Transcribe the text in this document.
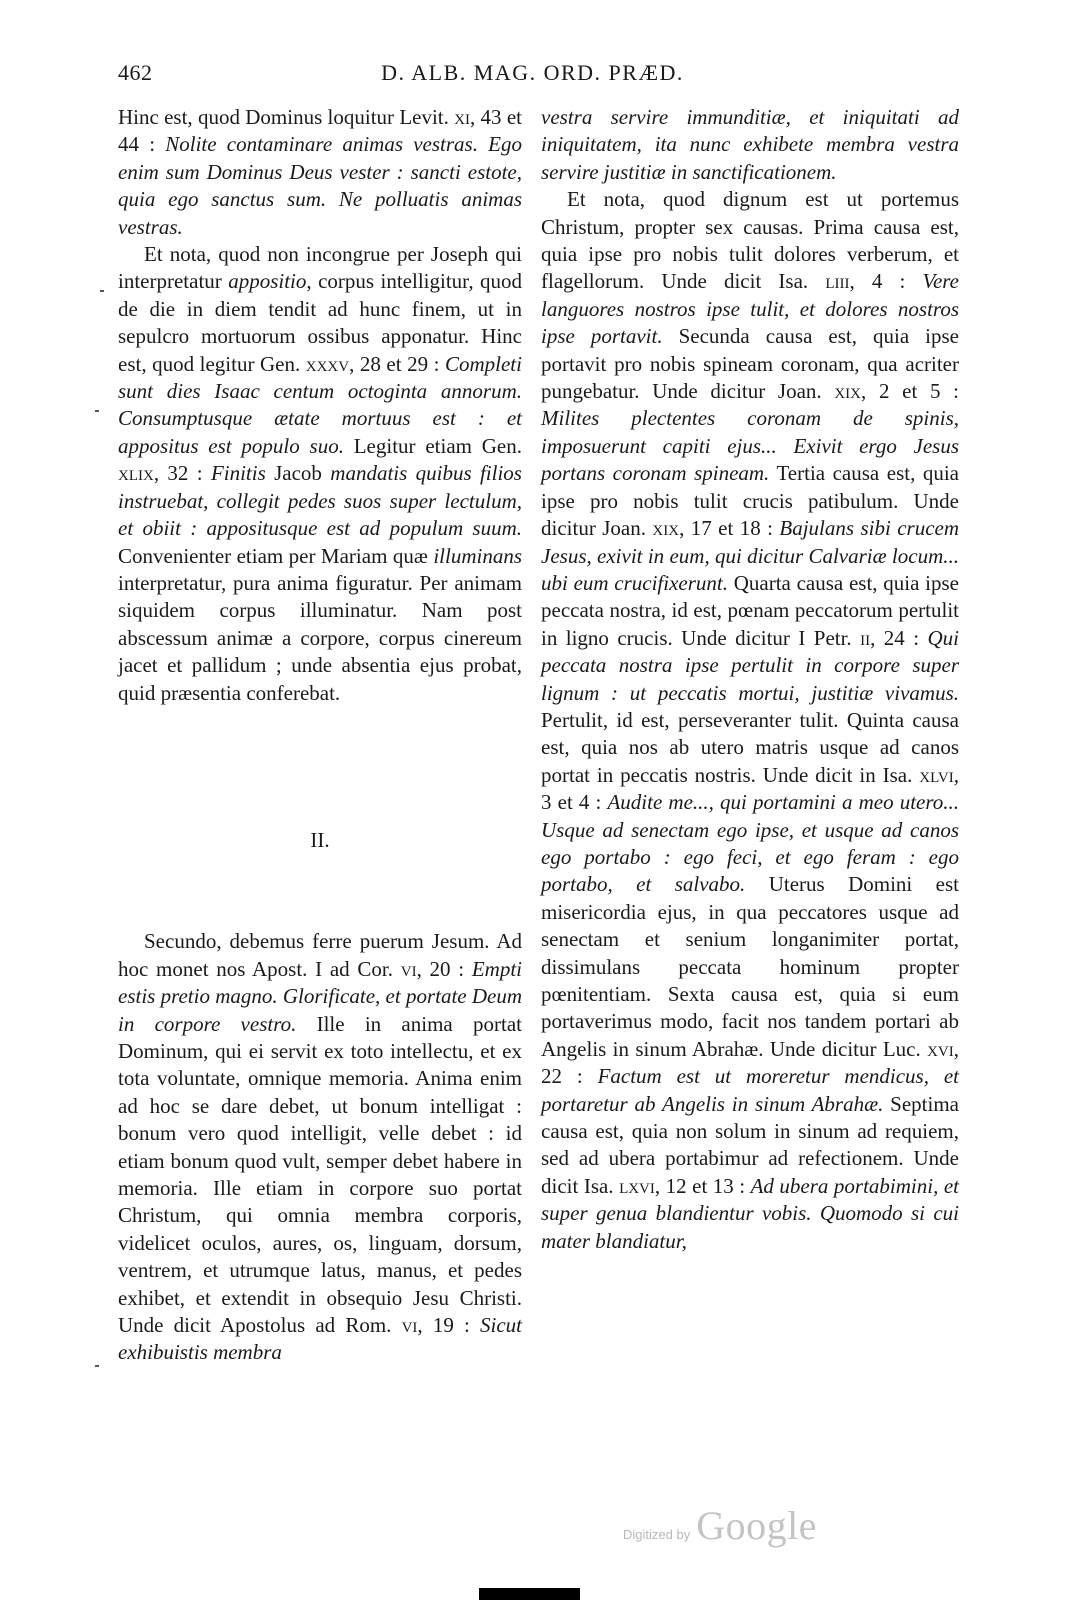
462	D. ALB. MAG. ORD. PRÆD.

Hinc est, quod Dominus loquitur Levit. xi, 43 et 44 : Nolite contaminare animas vestras. Ego enim sum Dominus Deus vester : sancti estote, quia ego sanctus sum. Ne polluatis animas vestras.

Et nota, quod non incongrue per Joseph qui interpretatur appositio, corpus intelligitur, quod de die in diem tendit ad hunc finem, ut in sepulcro mortuorum ossibus apponatur. Hinc est, quod legitur Gen. xxxv, 28 et 29 : Completi sunt dies Isaac centum octoginta annorum. Consumptusque ætate mortuus est : et appositus est populo suo. Legitur etiam Gen. xlix, 32 : Finitis Jacob mandatis quibus filios instruebat, collegit pedes suos super lectulum, et obiit : appositusque est ad populum suum. Convenienter etiam per Mariam quæ illuminans interpretatur, pura anima figuratur. Per animam siquidem corpus illuminatur. Nam post abscessum animæ a corpore, corpus cinereum jacet et pallidum ; unde absentia ejus probat, quid præsentia conferebat.

II.

Secundo, debemus ferre puerum Jesum. Ad hoc monet nos Apost. I ad Cor. vi, 20 : Empti estis pretio magno. Glorificate, et portate Deum in corpore vestro. Ille in anima portat Dominum, qui ei servit ex toto intellectu, et ex tota voluntate, omnique memoria. Anima enim ad hoc se dare debet, ut bonum intelligat : bonum vero quod intelligit, velle debet : id etiam bonum quod vult, semper debet habere in memoria. Ille etiam in corpore suo portat Christum, qui omnia membra corporis, videlicet oculos, aures, os, linguam, dorsum, ventrem, et utrumque latus, manus, et pedes exhibet, et extendit in obsequio Jesu Christi. Unde dicit Apostolus ad Rom. vi, 19 : Sicut exhibuistis membra

vestra servire immunditiæ, et iniquitati ad iniquitatem, ita nunc exhibete membra vestra servire justitiæ in sanctificationem.

Et nota, quod dignum est ut portemus Christum, propter sex causas. Prima causa est, quia ipse pro nobis tulit dolores verberum, et flagellorum. Unde dicit Isa. liii, 4 : Vere languores nostros ipse tulit, et dolores nostros ipse portavit. Secunda causa est, quia ipse portavit pro nobis spineam coronam, qua acriter pungebatur. Unde dicitur Joan. xix, 2 et 5 : Milites plectentes coronam de spinis, imposuerunt capiti ejus... Exivit ergo Jesus portans coronam spineam. Tertia causa est, quia ipse pro nobis tulit crucis patibulum. Unde dicitur Joan. xix, 17 et 18 : Bajulans sibi crucem Jesus, exivit in eum, qui dicitur Calvariæ locum... ubi eum crucifixerunt. Quarta causa est, quia ipse peccata nostra, id est, pœnam peccatorum pertulit in ligno crucis. Unde dicitur I Petr. ii, 24 : Qui peccata nostra ipse pertulit in corpore super lignum : ut peccatis mortui, justitiæ vivamus. Pertulit, id est, perseveranter tulit. Quinta causa est, quia nos ab utero matris usque ad canos portat in peccatis nostris. Unde dicit in Isa. xlvi, 3 et 4 : Audite me..., qui portamini a meo utero... Usque ad senectam ego ipse, et usque ad canos ego portabo : ego feci, et ego feram : ego portabo, et salvabo. Uterus Domini est misericordia ejus, in qua peccatores usque ad senectam et senium longanimiter portat, dissimulans peccata hominum propter pœnitentiam. Sexta causa est, quia si eum portaverimus modo, facit nos tandem portari ab Angelis in sinum Abrahæ. Unde dicitur Luc. xvi, 22 : Factum est ut moreretur mendicus, et portaretur ab Angelis in sinum Abrahæ. Septima causa est, quia non solum in sinum ad requiem, sed ad ubera portabimur ad refectionem. Unde dicit Isa. lxvi, 12 et 13 : Ad ubera portabimini, et super genua blandientur vobis. Quomodo si cui mater blandiatur,

Digitized by Google
